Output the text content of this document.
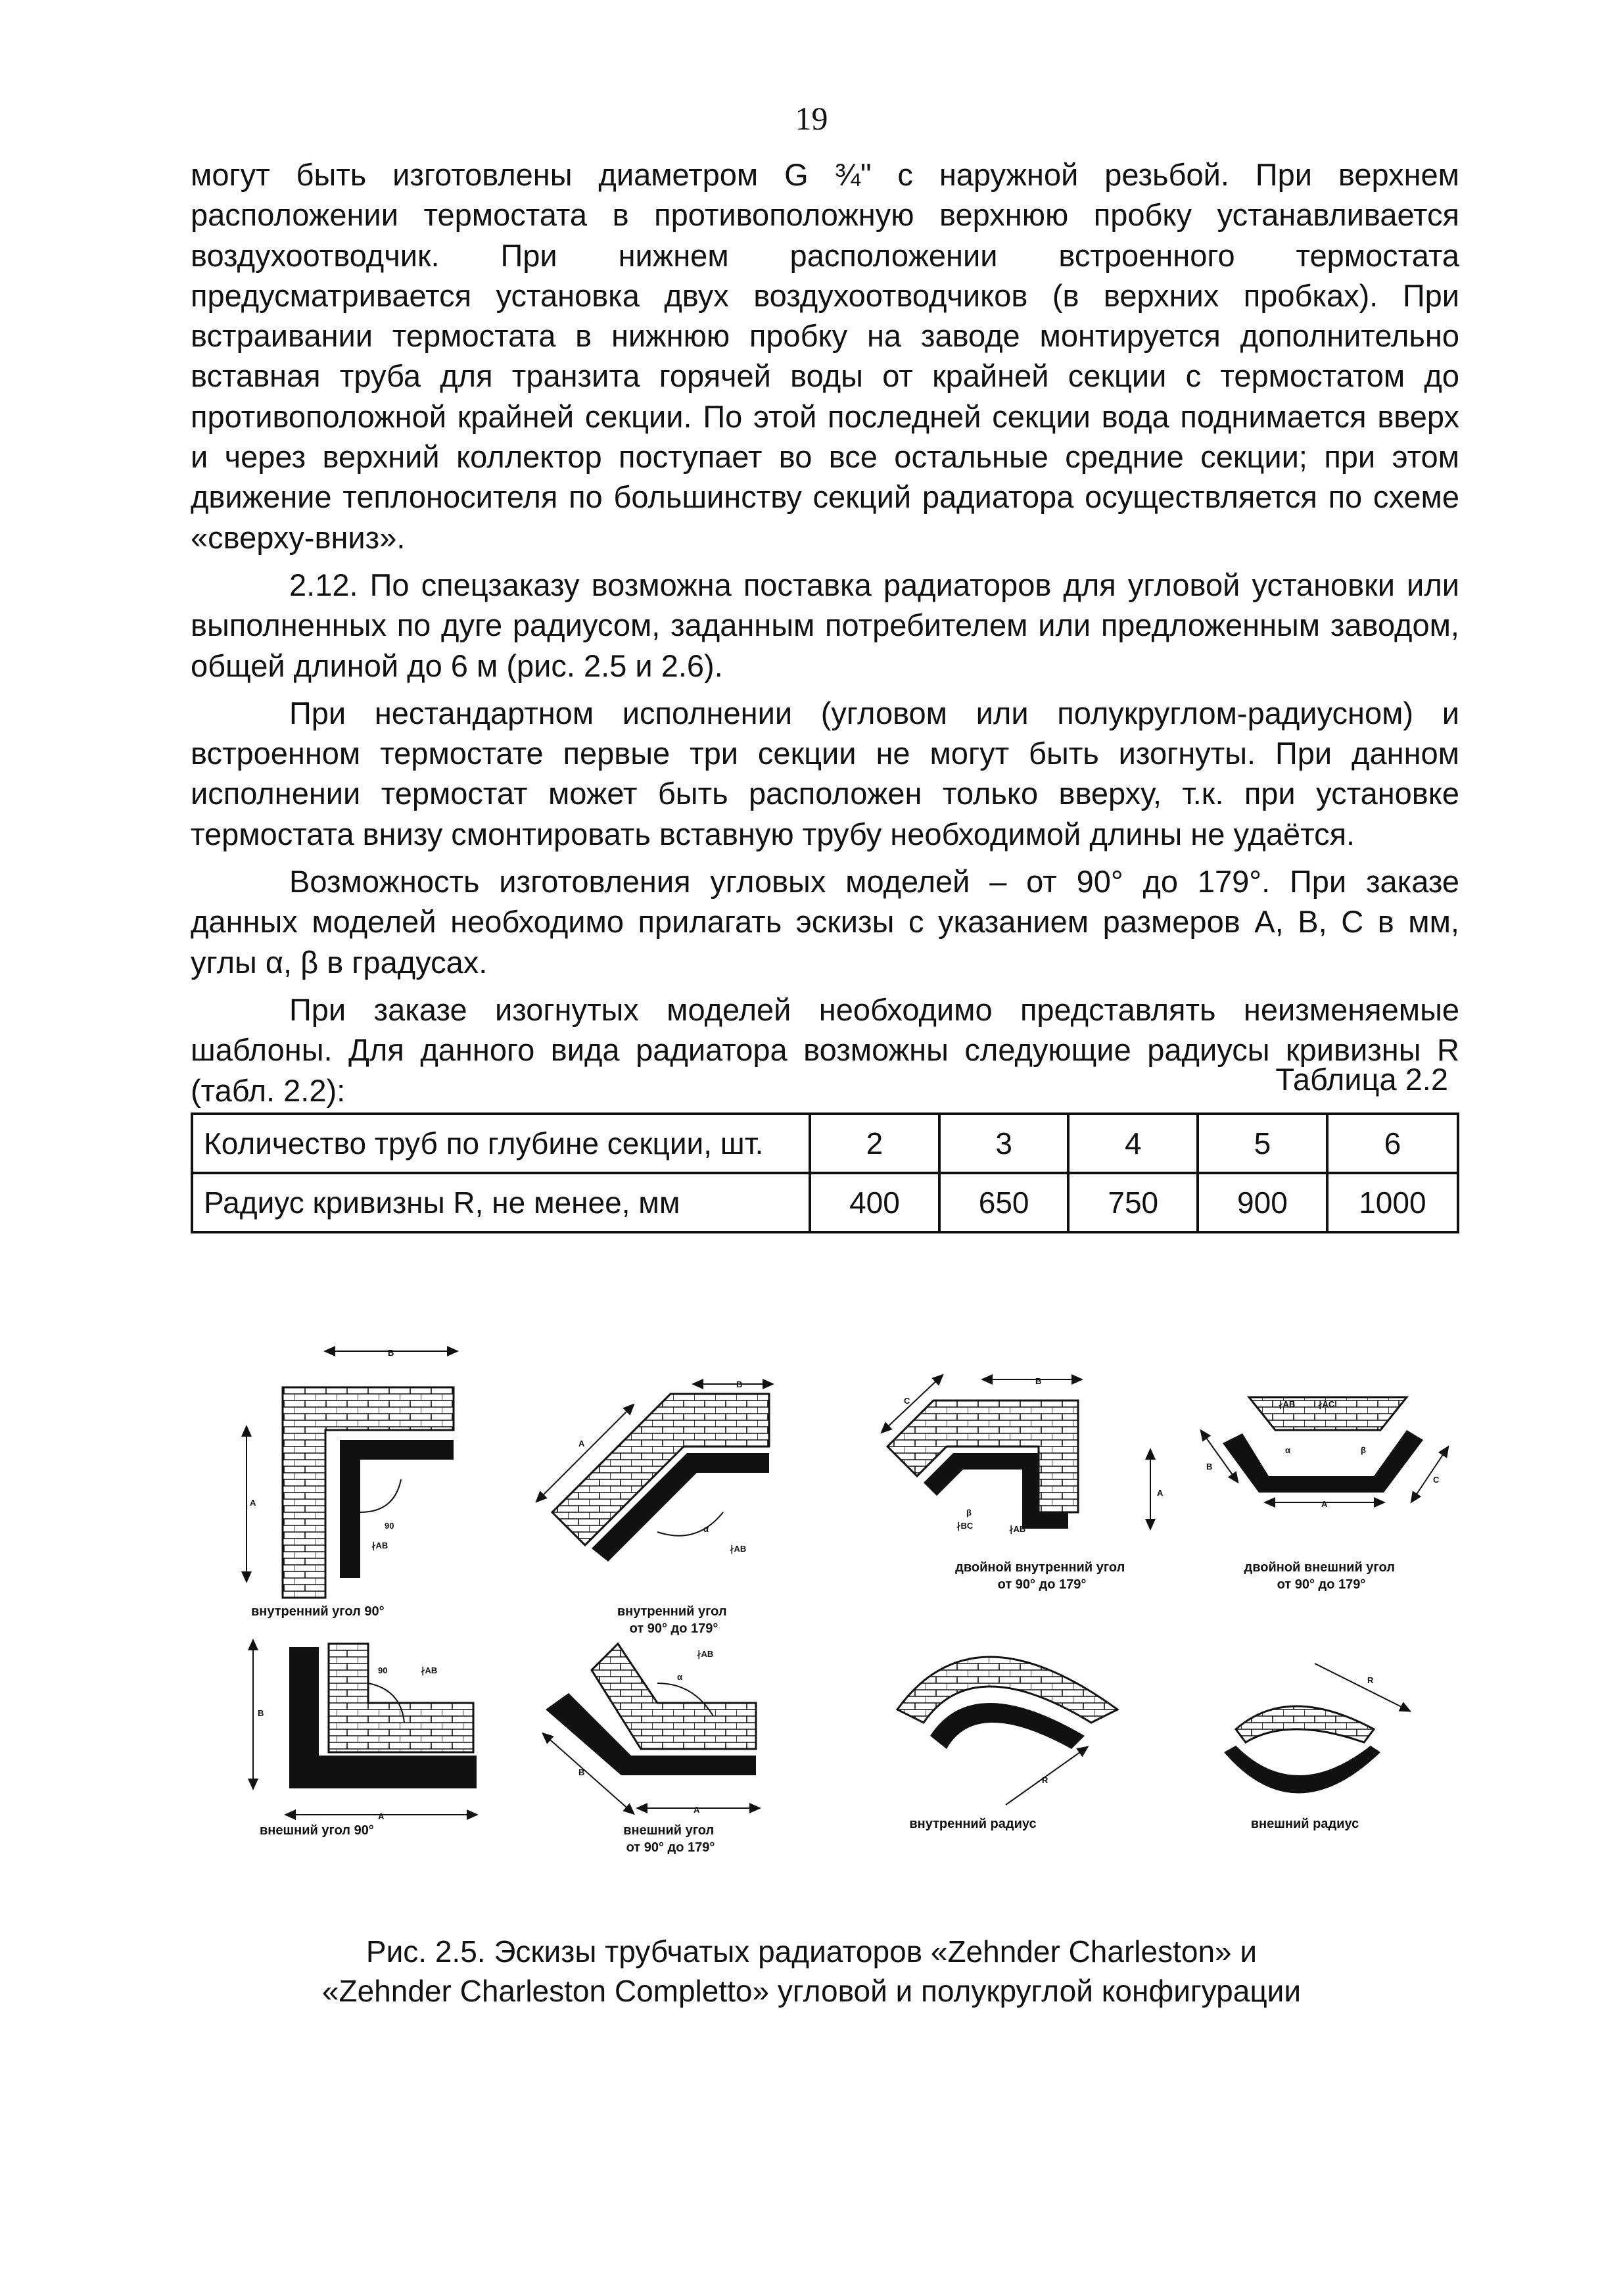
19

могут быть изготовлены диаметром G ¾" с наружной резьбой. При верхнем расположении термостата в противоположную верхнюю пробку устанавливается воздухоотводчик. При нижнем расположении встроенного термостата предусматривается установка двух воздухоотводчиков (в верхних пробках). При встраивании термостата в нижнюю пробку на заводе монтируется дополнительно вставная труба для транзита горячей воды от крайней секции с термостатом до противоположной крайней секции. По этой последней секции вода поднимается вверх и через верхний коллектор поступает во все остальные средние секции; при этом движение теплоносителя по большинству секций радиатора осуществляется по схеме «сверху-вниз».

2.12. По спецзаказу возможна поставка радиаторов для угловой установки или выполненных по дуге радиусом, заданным потребителем или предложенным заводом, общей длиной до 6 м (рис. 2.5 и 2.6).

При нестандартном исполнении (угловом или полукруглом-радиусном) и встроенном термостате первые три секции не могут быть изогнуты. При данном исполнении термостат может быть расположен только вверху, т.к. при установке термостата внизу смонтировать вставную трубу необходимой длины не удаётся.

Возможность изготовления угловых моделей – от 90° до 179°. При заказе данных моделей необходимо прилагать эскизы с указанием размеров A, B, C в мм, углы α, β в градусах.

При заказе изогнутых моделей необходимо представлять неизменяемые шаблоны. Для данного вида радиатора возможны следующие радиусы кривизны R (табл. 2.2):	Таблица 2.2
Количество труб по глубине секции, шт.	2	3	4	5	6
Радиус кривизны R, не менее, мм	400	650	750	900	1000
B
A
90
∤AB
внутренний угол 90°
B
A
α
∤AB
внутренний угол от 90° до 179°
B
A
C
β	α
∤BC	∤AB
двойной внутренний угол от 90° до 179°
A
B
C
α	β
∤AB	∤AC
двойной внешний угол от 90° до 179°
B
A
90	∤AB
внешний угол 90°
A
B
α
∤AB
внешний угол от 90° до 179°
R
внутренний радиус
R
внешний радиус
Рис. 2.5. Эскизы трубчатых радиаторов «Zehnder Charleston» и
«Zehnder Charleston Completto» угловой и полукруглой конфигурации
